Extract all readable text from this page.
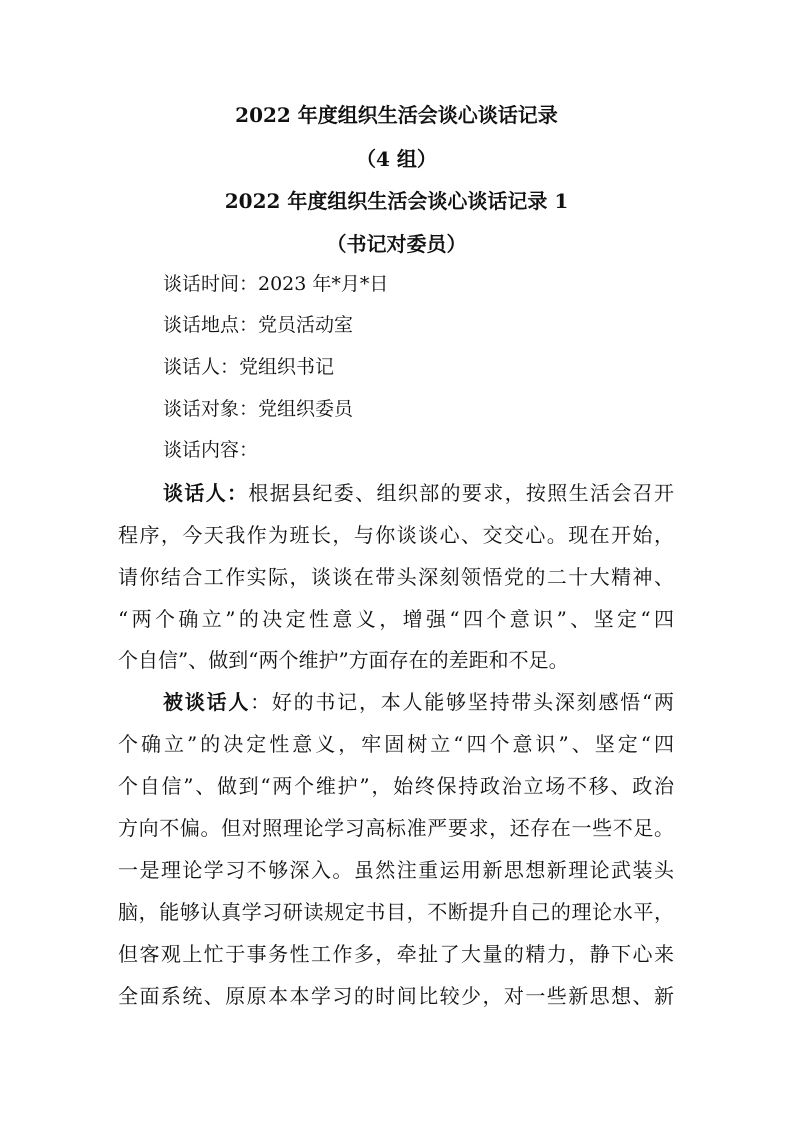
2022 年度组织生活会谈心谈话记录
（4 组）
2022 年度组织生活会谈心谈话记录 1
（书记对委员）
谈话时间：2023 年*月*日
谈话地点：党员活动室
谈话人：党组织书记
谈话对象：党组织委员
谈话内容：
谈话人：根据县纪委、组织部的要求，按照生活会召开
程序，今天我作为班长，与你谈谈心、交交心。现在开始，
请你结合工作实际，谈谈在带头深刻领悟党的二十大精神、
“两个确立”的决定性意义，增强“四个意识”、坚定“四
个自信”、做到“两个维护”方面存在的差距和不足。
被谈话人：好的书记，本人能够坚持带头深刻感悟“两
个确立”的决定性意义，牢固树立“四个意识”、坚定“四
个自信”、做到“两个维护”，始终保持政治立场不移、政治
方向不偏。但对照理论学习高标准严要求，还存在一些不足。
一是理论学习不够深入。虽然注重运用新思想新理论武装头
脑，能够认真学习研读规定书目，不断提升自己的理论水平，
但客观上忙于事务性工作多，牵扯了大量的精力，静下心来
全面系统、原原本本学习的时间比较少，对一些新思想、新
